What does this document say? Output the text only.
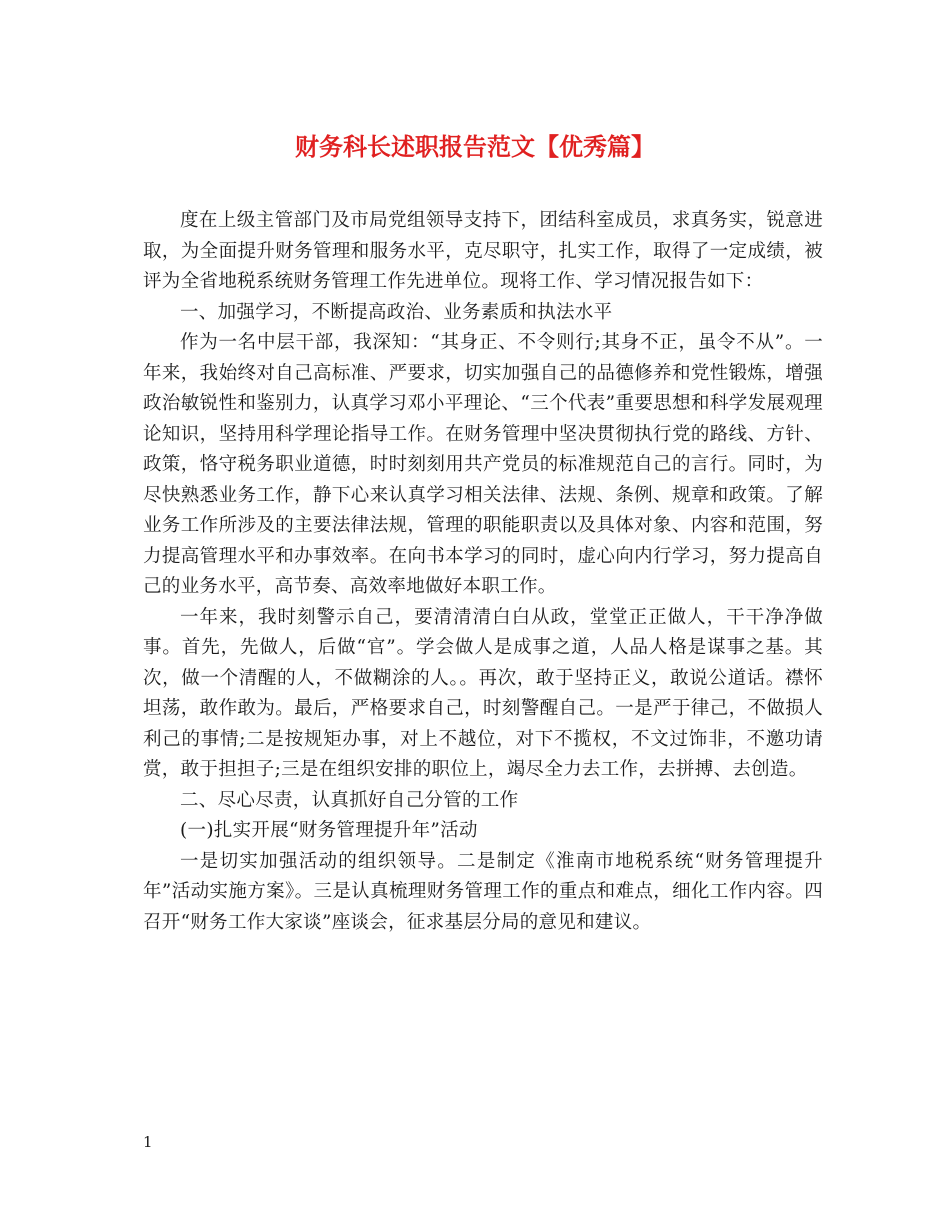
财务科长述职报告范文【优秀篇】

度在上级主管部门及市局党组领导支持下，团结科室成员，求真务实，锐意进取，为全面提升财务管理和服务水平，克尽职守，扎实工作，取得了一定成绩，被评为全省地税系统财务管理工作先进单位。现将工作、学习情况报告如下：

一、加强学习，不断提高政治、业务素质和执法水平

作为一名中层干部，我深知：“其身正、不令则行;其身不正，虽令不从”。一年来，我始终对自己高标准、严要求，切实加强自己的品德修养和党性锻炼，增强政治敏锐性和鉴别力，认真学习邓小平理论、“三个代表”重要思想和科学发展观理论知识，坚持用科学理论指导工作。在财务管理中坚决贯彻执行党的路线、方针、政策，恪守税务职业道德，时时刻刻用共产党员的标准规范自己的言行。同时，为尽快熟悉业务工作，静下心来认真学习相关法律、法规、条例、规章和政策。了解业务工作所涉及的主要法律法规，管理的职能职责以及具体对象、内容和范围，努力提高管理水平和办事效率。在向书本学习的同时，虚心向内行学习，努力提高自己的业务水平，高节奏、高效率地做好本职工作。

一年来，我时刻警示自己，要清清清白白从政，堂堂正正做人，干干净净做事。首先，先做人，后做“官”。学会做人是成事之道，人品人格是谋事之基。其次，做一个清醒的人，不做糊涂的人。。再次，敢于坚持正义，敢说公道话。襟怀坦荡，敢作敢为。最后，严格要求自己，时刻警醒自己。一是严于律己，不做损人利己的事情;二是按规矩办事，对上不越位，对下不揽权，不文过饰非，不邀功请赏，敢于担担子;三是在组织安排的职位上，竭尽全力去工作，去拼搏、去创造。

二、尽心尽责，认真抓好自己分管的工作

(一)扎实开展“财务管理提升年”活动

一是切实加强活动的组织领导。二是制定《淮南市地税系统“财务管理提升年”活动实施方案》。三是认真梳理财务管理工作的重点和难点，细化工作内容。四召开“财务工作大家谈”座谈会，征求基层分局的意见和建议。

1
